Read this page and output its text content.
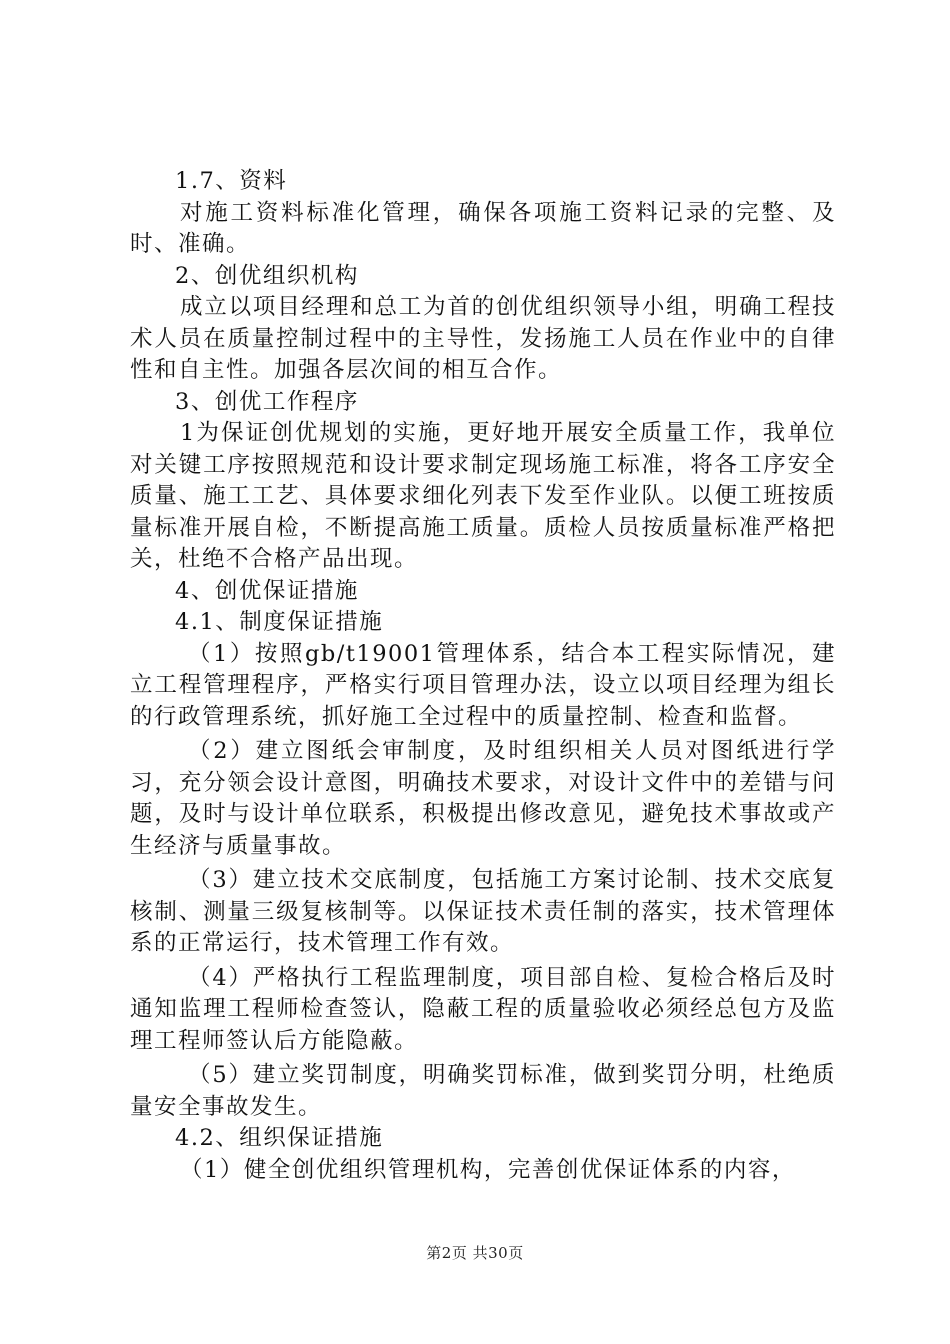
1.7、资料

对施工资料标准化管理，确保各项施工资料记录的完整、及时、准确。

2、创优组织机构

成立以项目经理和总工为首的创优组织领导小组，明确工程技术人员在质量控制过程中的主导性，发扬施工人员在作业中的自律性和自主性。加强各层次间的相互合作。

3、创优工作程序

1为保证创优规划的实施，更好地开展安全质量工作，我单位对关键工序按照规范和设计要求制定现场施工标准，将各工序安全质量、施工工艺、具体要求细化列表下发至作业队。以便工班按质量标准开展自检，不断提高施工质量。质检人员按质量标准严格把关，杜绝不合格产品出现。

4、创优保证措施

4.1、制度保证措施

（1）按照gb/t19001管理体系，结合本工程实际情况，建立工程管理程序，严格实行项目管理办法，设立以项目经理为组长的行政管理系统，抓好施工全过程中的质量控制、检查和监督。

（2）建立图纸会审制度，及时组织相关人员对图纸进行学习，充分领会设计意图，明确技术要求，对设计文件中的差错与问题，及时与设计单位联系，积极提出修改意见，避免技术事故或产生经济与质量事故。

（3）建立技术交底制度，包括施工方案讨论制、技术交底复核制、测量三级复核制等。以保证技术责任制的落实，技术管理体系的正常运行，技术管理工作有效。

（4）严格执行工程监理制度，项目部自检、复检合格后及时通知监理工程师检查签认，隐蔽工程的质量验收必须经总包方及监理工程师签认后方能隐蔽。

（5）建立奖罚制度，明确奖罚标准，做到奖罚分明，杜绝质量安全事故发生。

4.2、组织保证措施

（1）健全创优组织管理机构，完善创优保证体系的内容，

第2页 共30页
